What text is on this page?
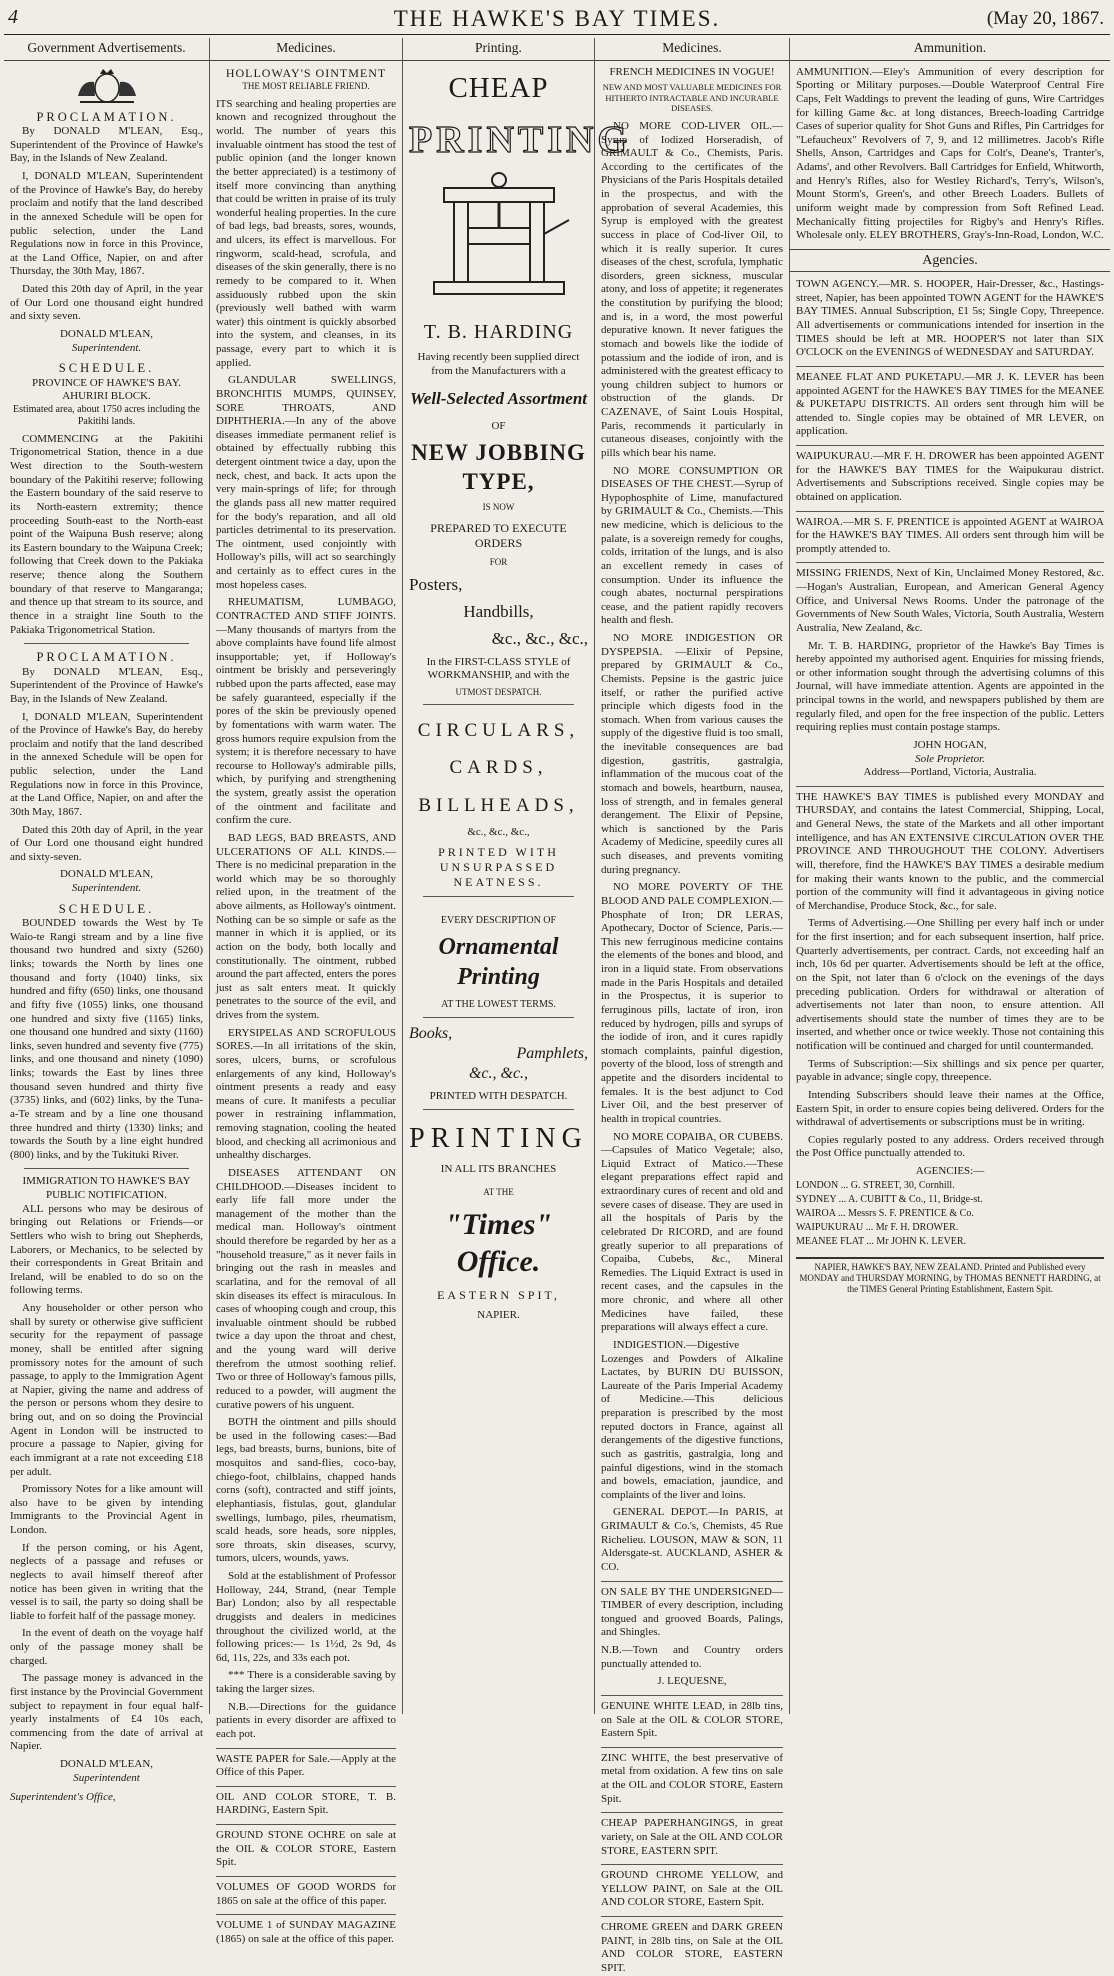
4	THE HAWKE'S BAY TIMES.	(May 20, 1867.
Government Advertisements.
PROCLAMATION.

By DONALD M'LEAN, Esq., Superintendent of the Province of Hawke's Bay, in the Islands of New Zealand.

I, DONALD M'LEAN, Superintendent of the Province of Hawke's Bay, do hereby proclaim and notify that the land described in the annexed Schedule will be open for public selection, under the Land Regulations now in force in this Province, at the Land Office, Napier, on and after Thursday, the 30th May, 1867.

Dated this 20th day of April, in the year of Our Lord one thousand eight hundred and sixty seven.

DONALD M'LEAN,
Superintendent.
SCHEDULE.
PROVINCE OF HAWKE'S BAY.
AHURIRI BLOCK.

Estimated area, about 1750 acres including the Pakitihi lands.

COMMENCING at the Pakitihi Trigonometrical Station, thence in a due West direction to the South-western boundary of the Pakitihi reserve; following the Eastern boundary of the said reserve to its North-eastern extremity; thence proceeding South-east to the North-east point of the Waipuna Bush reserve; along its Eastern boundary to the Waipuna Creek; following that Creek down to the Pakiaka reserve; thence along the Southern boundary of that reserve to Mangaranga; and thence up that stream to its source, and thence in a straight line South to the Pakiaka Trigonometrical Station.

PROCLAMATION.

By DONALD M'LEAN, Esq., Superintendent of the Province of Hawke's Bay, in the Islands of New Zealand.

I, DONALD M'LEAN, Superintendent of the Province of Hawke's Bay, do hereby proclaim and notify that the land described in the annexed Schedule will be open for public selection, under the Land Regulations now in force in this Province, at the Land Office, Napier, on and after the 30th May, 1867.

Dated this 20th day of April, in the year of Our Lord one thousand eight hundred and sixty-seven.

DONALD M'LEAN,
Superintendent.
SCHEDULE.

BOUNDED towards the West by Te Waio-te Rangi stream and by a line five thousand two hundred and sixty (5260) links; towards the North by lines one thousand and forty (1040) links, six hundred and fifty (650) links, one thousand and fifty five (1055) links, one thousand one hundred and sixty five (1165) links, one thousand one hundred and sixty (1160) links, seven hundred and seventy five (775) links, and one thousand and ninety (1090) links; towards the East by lines three thousand seven hundred and thirty five (3735) links, and (602) links, by the Tuna-a-Te stream and by a line one thousand three hundred and thirty (1330) links; and towards the South by a line eight hundred (800) links, and by the Tukituki River.

IMMIGRATION TO HAWKE'S BAY
PUBLIC NOTIFICATION.

ALL persons who may be desirous of bringing out Relations or Friends—or Settlers who wish to bring out Shepherds, Laborers, or Mechanics, to be selected by their correspondents in Great Britain and Ireland, will be enabled to do so on the following terms.

Any householder or other person who shall by surety or otherwise give sufficient security for the repayment of passage money, shall be entitled after signing promissory notes for the amount of such passage, to apply to the Immigration Agent at Napier, giving the name and address of the person or persons whom they desire to bring out, and on so doing the Provincial Agent in London will be instructed to procure a passage to Napier, giving for each immigrant at a rate not exceeding £18 per adult.

Promissory Notes for a like amount will also have to be given by intending Immigrants to the Provincial Agent in London.

If the person coming, or his Agent, neglects of a passage and refuses or neglects to avail himself thereof after notice has been given in writing that the vessel is to sail, the party so doing shall be liable to forfeit half of the passage money.

In the event of death on the voyage half only of the passage money shall be charged.

The passage money is advanced in the first instance by the Provincial Government subject to repayment in four equal half-yearly instalments of £4 10s each, commencing from the date of arrival at Napier.

DONALD M'LEAN,
Superintendent
Superintendent's Office,
Medicines.
HOLLOWAY'S OINTMENT
THE MOST RELIABLE FRIEND.

ITS searching and healing properties are known and recognized throughout the world. The number of years this invaluable ointment has stood the test of public opinion (and the longer known the better appreciated) is a testimony of itself more convincing than anything that could be written in praise of its truly wonderful healing properties. In the cure of bad legs, bad breasts, sores, wounds, and ulcers, its effect is marvellous. For ringworm, scald-head, scrofula, and diseases of the skin generally, there is no remedy to be compared to it. When assiduously rubbed upon the skin (previously well bathed with warm water) this ointment is quickly absorbed into the system, and cleanses, in its passage, every part to which it is applied.

GLANDULAR SWELLINGS, BRONCHITIS MUMPS, QUINSEY, SORE THROATS, AND DIPHTHERIA.—In any of the above diseases immediate permanent relief is obtained by effectually rubbing this detergent ointment twice a day, upon the neck, chest, and back. It acts upon the very main-springs of life; for through the glands pass all new matter required for the body's reparation, and all old particles detrimental to its preservation. The ointment, used conjointly with Holloway's pills, will act so searchingly and certainly as to effect cures in the most hopeless cases.

RHEUMATISM, LUMBAGO, CONTRACTED AND STIFF JOINTS.—Many thousands of martyrs from the above complaints have found life almost insupportable; yet, if Holloway's ointment be briskly and perseveringly rubbed upon the parts affected, ease may be safely guaranteed, especially if the pores of the skin be previously opened by fomentations with warm water. The gross humors require expulsion from the system; it is therefore necessary to have recourse to Holloway's admirable pills, which, by purifying and strengthening the system, greatly assist the operation of the ointment and facilitate and confirm the cure.

BAD LEGS, BAD BREASTS, AND ULCERATIONS OF ALL KINDS.—There is no medicinal preparation in the world which may be so thoroughly relied upon, in the treatment of the above ailments, as Holloway's ointment. Nothing can be so simple or safe as the manner in which it is applied, or its action on the body, both locally and constitutionally. The ointment, rubbed around the part affected, enters the pores just as salt enters meat. It quickly penetrates to the source of the evil, and drives from the system.

ERYSIPELAS AND SCROFULOUS SORES.—In all irritations of the skin, sores, ulcers, burns, or scrofulous enlargements of any kind, Holloway's ointment presents a ready and easy means of cure. It manifests a peculiar power in restraining inflammation, removing stagnation, cooling the heated blood, and checking all acrimonious and unhealthy discharges.

DISEASES ATTENDANT ON CHILDHOOD.—Diseases incident to early life fall more under the management of the mother than the medical man. Holloway's ointment should therefore be regarded by her as a "household treasure," as it never fails in bringing out the rash in measles and scarlatina, and for the removal of all skin diseases its effect is miraculous. In cases of whooping cough and croup, this invaluable ointment should be rubbed twice a day upon the throat and chest, and the young ward will derive therefrom the utmost soothing relief. Two or three of Holloway's famous pills, reduced to a powder, will augment the curative powers of his unguent.

BOTH the ointment and pills should be used in the following cases:—Bad legs, bad breasts, burns, bunions, bite of mosquitos and sand-flies, coco-bay, chiego-foot, chilblains, chapped hands corns (soft), contracted and stiff joints, elephantiasis, fistulas, gout, glandular swellings, lumbago, piles, rheumatism, scald heads, sore heads, sore nipples, sore throats, skin diseases, scurvy, tumors, ulcers, wounds, yaws.

Sold at the establishment of Professor Holloway, 244, Strand, (near Temple Bar) London; also by all respectable druggists and dealers in medicines throughout the civilized world, at the following prices:— 1s 1½d, 2s 9d, 4s 6d, 11s, 22s, and 33s each pot.

*** There is a considerable saving by taking the larger sizes.

N.B.—Directions for the guidance patients in every disorder are affixed to each pot.

WASTE PAPER for Sale.—Apply at the Office of this Paper.
OIL AND COLOR STORE, T. B. HARDING, Eastern Spit.
GROUND STONE OCHRE on sale at the OIL & COLOR STORE, Eastern Spit.
VOLUMES OF GOOD WORDS for 1865 on sale at the office of this paper.
VOLUME 1 of SUNDAY MAGAZINE (1865) on sale at the office of this paper.
Printing.
CHEAP
PRINTING
T. B. HARDING

Having recently been supplied direct from the Manufacturers with a

Well-Selected Assortment
OF
NEW JOBBING TYPE,
IS NOW
PREPARED TO EXECUTE ORDERS
FOR
Posters,
Handbills,
&c., &c., &c.,

In the FIRST-CLASS STYLE of WORKMANSHIP, and with the

UTMOST DESPATCH.
CIRCULARS,
CARDS,
BILLHEADS,
&c., &c., &c.,
PRINTED WITH UNSURPASSED NEATNESS.
EVERY DESCRIPTION OF
Ornamental Printing
AT THE LOWEST TERMS.
Books,
Pamphlets,
&c., &c.,
PRINTED WITH DESPATCH.
PRINTING
IN ALL ITS BRANCHES
AT THE
"Times" Office.
EASTERN SPIT,
NAPIER.
Medicines.
FRENCH MEDICINES IN VOGUE!
NEW AND MOST VALUABLE MEDICINES FOR HITHERTO INTRACTABLE AND INCURABLE DISEASES.

NO MORE COD-LIVER OIL.—Syrup of Iodized Horseradish, of GRIMAULT & Co., Chemists, Paris. According to the certificates of the Physicians of the Paris Hospitals detailed in the prospectus, and with the approbation of several Academies, this Syrup is employed with the greatest success in place of Cod-liver Oil, to which it is really superior. It cures diseases of the chest, scrofula, lymphatic disorders, green sickness, muscular atony, and loss of appetite; it regenerates the constitution by purifying the blood; and is, in a word, the most powerful depurative known. It never fatigues the stomach and bowels like the iodide of potassium and the iodide of iron, and is administered with the greatest efficacy to young children subject to humors or obstruction of the glands. Dr CAZENAVE, of Saint Louis Hospital, Paris, recommends it particularly in cutaneous diseases, conjointly with the pills which bear his name.

NO MORE CONSUMPTION OR DISEASES OF THE CHEST.—Syrup of Hypophosphite of Lime, manufactured by GRIMAULT & Co., Chemists.—This new medicine, which is delicious to the palate, is a sovereign remedy for coughs, colds, irritation of the lungs, and is also an excellent remedy in cases of consumption. Under its influence the cough abates, nocturnal perspirations cease, and the patient rapidly recovers health and flesh.

NO MORE INDIGESTION OR DYSPEPSIA. —Elixir of Pepsine, prepared by GRIMAULT & Co., Chemists. Pepsine is the gastric juice itself, or rather the purified active principle which digests food in the stomach. When from various causes the supply of the digestive fluid is too small, the inevitable consequences are bad digestion, gastritis, gastralgia, inflammation of the mucous coat of the stomach and bowels, heartburn, nausea, loss of strength, and in females general derangement. The Elixir of Pepsine, which is sanctioned by the Paris Academy of Medicine, speedily cures all such diseases, and prevents vomiting during pregnancy.

NO MORE POVERTY OF THE BLOOD AND PALE COMPLEXION.—Phosphate of Iron; DR LERAS, Apothecary, Doctor of Science, Paris.—This new ferruginous medicine contains the elements of the bones and blood, and iron in a liquid state. From observations made in the Paris Hospitals and detailed in the Prospectus, it is superior to ferruginous pills, lactate of iron, iron reduced by hydrogen, pills and syrups of the iodide of iron, and it cures rapidly stomach complaints, painful digestion, poverty of the blood, loss of strength and appetite and the disorders incidental to females. It is the best adjunct to Cod Liver Oil, and the best preserver of health in tropical countries.

NO MORE COPAIBA, OR CUBEBS.—Capsules of Matico Vegetale; also, Liquid Extract of Matico.—These elegant preparations effect rapid and extraordinary cures of recent and old and severe cases of disease. They are used in all the hospitals of Paris by the celebrated Dr RICORD, and are found greatly superior to all preparations of Copaiba, Cubebs, &c., Mineral Remedies. The Liquid Extract is used in recent cases, and the capsules in the more chronic, and where all other Medicines have failed, these preparations will always effect a cure.

INDIGESTION.—Digestive Lozenges and Powders of Alkaline Lactates, by BURIN DU BUISSON, Laureate of the Paris Imperial Academy of Medicine.—This delicious preparation is prescribed by the most reputed doctors in France, against all derangements of the digestive functions, such as gastritis, gastralgia, long and painful digestions, wind in the stomach and bowels, emaciation, jaundice, and complaints of the liver and loins.

GENERAL DEPOT.—In PARIS, at GRIMAULT & Co.'s, Chemists, 45 Rue Richelieu. LOUSON, MAW & SON, 11 Aldersgate-st. AUCKLAND, ASHER & CO.

ON SALE BY THE UNDERSIGNED— TIMBER of every description, including tongued and grooved Boards, Palings, and Shingles.

N.B.—Town and Country orders punctually attended to.

J. LEQUESNE,
GENUINE WHITE LEAD, in 28lb tins, on Sale at the OIL & COLOR STORE, Eastern Spit.
ZINC WHITE, the best preservative of metal from oxidation. A few tins on sale at the OIL and COLOR STORE, Eastern Spit.
CHEAP PAPERHANGINGS, in great variety, on Sale at the OIL AND COLOR STORE, EASTERN SPIT.
GROUND CHROME YELLOW, and YELLOW PAINT, on Sale at the OIL AND COLOR STORE, Eastern Spit.
CHROME GREEN and DARK GREEN PAINT, in 28lb tins, on Sale at the OIL AND COLOR STORE, EASTERN SPIT.
Ammunition.

AMMUNITION.—Eley's Ammunition of every description for Sporting or Military purposes.—Double Waterproof Central Fire Caps, Felt Waddings to prevent the leading of guns, Wire Cartridges for killing Game &c. at long distances, Breech-loading Cartridge Cases of superior quality for Shot Guns and Rifles, Pin Cartridges for "Lefaucheux" Revolvers of 7, 9, and 12 millimetres. Jacob's Rifle Shells, Anson, Cartridges and Caps for Colt's, Deane's, Tranter's, Adams', and other Revolvers. Ball Cartridges for Enfield, Whitworth, and Henry's Rifles, also for Westley Richard's, Terry's, Wilson's, Mount Storm's, Green's, and other Breech Loaders. Bullets of uniform weight made by compression from Soft Refined Lead. Mechanically fitting projectiles for Rigby's and Henry's Rifles. Wholesale only. ELEY BROTHERS, Gray's-Inn-Road, London, W.C.

Agencies.

TOWN AGENCY.—MR. S. HOOPER, Hair-Dresser, &c., Hastings-street, Napier, has been appointed TOWN AGENT for the HAWKE'S BAY TIMES. Annual Subscription, £1 5s; Single Copy, Threepence. All advertisements or communications intended for insertion in the TIMES should be left at MR. HOOPER'S not later than SIX O'CLOCK on the EVENINGS of WEDNESDAY and SATURDAY.

MEANEE FLAT AND PUKETAPU.—MR J. K. LEVER has been appointed AGENT for the HAWKE'S BAY TIMES for the MEANEE & PUKETAPU DISTRICTS. All orders sent through him will be attended to. Single copies may be obtained of MR LEVER, on application.
WAIPUKURAU.—MR F. H. DROWER has been appointed AGENT for the HAWKE'S BAY TIMES for the Waipukurau district. Advertisements and Subscriptions received. Single copies may be obtained on application.
WAIROA.—MR S. F. PRENTICE is appointed AGENT at WAIROA for the HAWKE'S BAY TIMES. All orders sent through him will be promptly attended to.

MISSING FRIENDS, Next of Kin, Unclaimed Money Restored, &c.—Hogan's Australian, European, and American General Agency Office, and Universal News Rooms. Under the patronage of the Governments of New South Wales, Victoria, South Australia, Western Australia, New Zealand, &c.

Mr. T. B. HARDING, proprietor of the Hawke's Bay Times is hereby appointed my authorised agent. Enquiries for missing friends, or other information sought through the advertising columns of this Journal, will have immediate attention. Agents are appointed in the principal towns in the world, and newspapers published by them are regularly filed, and open for the free inspection of the public. Letters requiring replies must contain postage stamps.

JOHN HOGAN,
Sole Proprietor.
Address—Portland, Victoria, Australia.

THE HAWKE'S BAY TIMES is published every MONDAY and THURSDAY, and contains the latest Commercial, Shipping, Local, and General News, the state of the Markets and all other important intelligence, and has AN EXTENSIVE CIRCULATION OVER THE PROVINCE AND THROUGHOUT THE COLONY. Advertisers will, therefore, find the HAWKE'S BAY TIMES a desirable medium for making their wants known to the public, and the commercial portion of the community will find it advantageous in giving notice of Merchandise, Produce Stock, &c., for sale.

Terms of Advertising.—One Shilling per every half inch or under for the first insertion; and for each subsequent insertion, half price. Quarterly advertisements, per contract. Cards, not exceeding half an inch, 10s 6d per quarter. Advertisements should be left at the office, on the Spit, not later than 6 o'clock on the evenings of the days preceding publication. Orders for withdrawal or alteration of advertisements not later than noon, to ensure attention. All advertisements should state the number of times they are to be inserted, and whether once or twice weekly. Those not containing this notification will be continued and charged for until countermanded.

Terms of Subscription:—Six shillings and six pence per quarter, payable in advance; single copy, threepence.

Intending Subscribers should leave their names at the Office, Eastern Spit, in order to ensure copies being delivered. Orders for the withdrawal of advertisements or subscriptions must be in writing.

Copies regularly posted to any address. Orders received through the Post Office punctually attended to.

AGENCIES:—
LONDON ... G. STREET, 30, Cornhill.
SYDNEY ... A. CUBITT & Co., 11, Bridge-st.
WAIROA ... Messrs S. F. PRENTICE & Co.
WAIPUKURAU ... Mr F. H. DROWER.
MEANEE FLAT ... Mr JOHN K. LEVER.
NAPIER, HAWKE'S BAY, NEW ZEALAND. Printed and Published every MONDAY and THURSDAY MORNING, by THOMAS BENNETT HARDING, at the TIMES General Printing Establishment, Eastern Spit.
